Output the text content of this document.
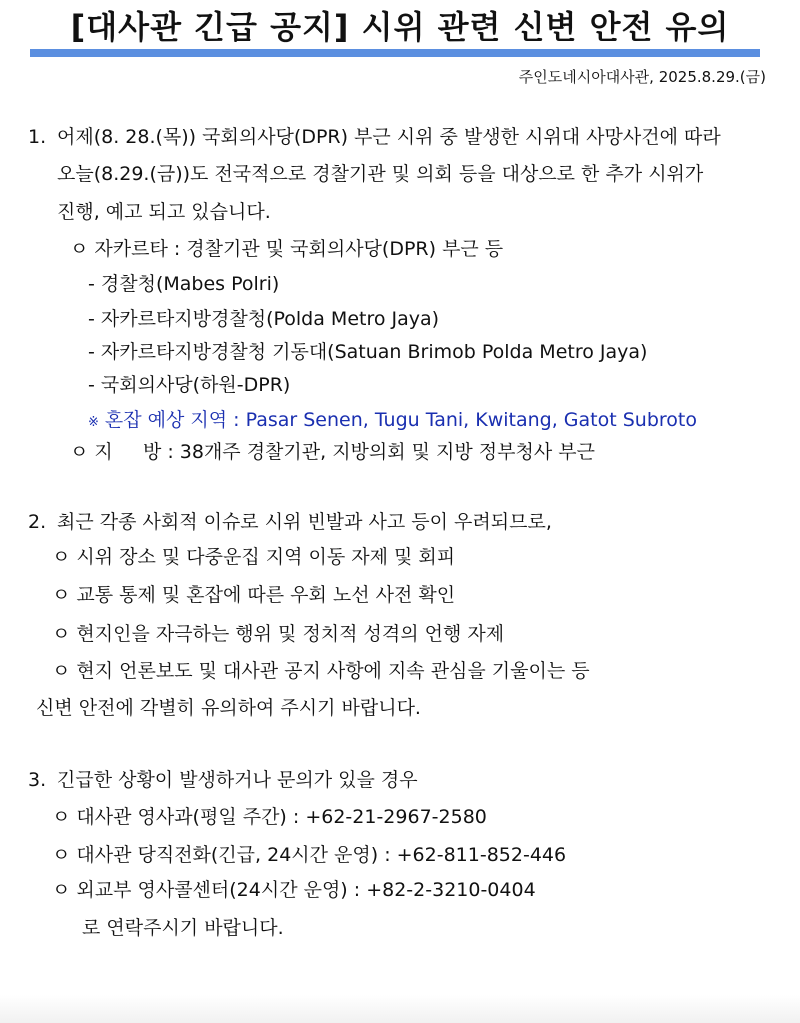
[대사관 긴급 공지] 시위 관련 신변 안전 유의
주인도네시아대사관, 2025.8.29.(금)
1. 어제(8. 28.(목)) 국회의사당(DPR) 부근 시위 중 발생한 시위대 사망사건에 따라
오늘(8.29.(금))도 전국적으로 경찰기관 및 의회 등을 대상으로 한 추가 시위가
진행, 예고 되고 있습니다.
ㅇ 자카르타 : 경찰기관 및 국회의사당(DPR) 부근 등
- 경찰청(Mabes Polri)
- 자카르타지방경찰청(Polda Metro Jaya)
- 자카르타지방경찰청 기동대(Satuan Brimob Polda Metro Jaya)
- 국회의사당(하원-DPR)
※ 혼잡 예상 지역 : Pasar Senen, Tugu Tani, Kwitang, Gatot Subroto
ㅇ 지     방 : 38개주 경찰기관, 지방의회 및 지방 정부청사 부근
2. 최근 각종 사회적 이슈로 시위 빈발과 사고 등이 우려되므로,
ㅇ 시위 장소 및 다중운집 지역 이동 자제 및 회피
ㅇ 교통 통제 및 혼잡에 따른 우회 노선 사전 확인
ㅇ 현지인을 자극하는 행위 및 정치적 성격의 언행 자제
ㅇ 현지 언론보도 및 대사관 공지 사항에 지속 관심을 기울이는 등
신변 안전에 각별히 유의하여 주시기 바랍니다.
3. 긴급한 상황이 발생하거나 문의가 있을 경우
ㅇ 대사관 영사과(평일 주간) : +62-21-2967-2580
ㅇ 대사관 당직전화(긴급, 24시간 운영) : +62-811-852-446
ㅇ 외교부 영사콜센터(24시간 운영) : +82-2-3210-0404
로 연락주시기 바랍니다.
